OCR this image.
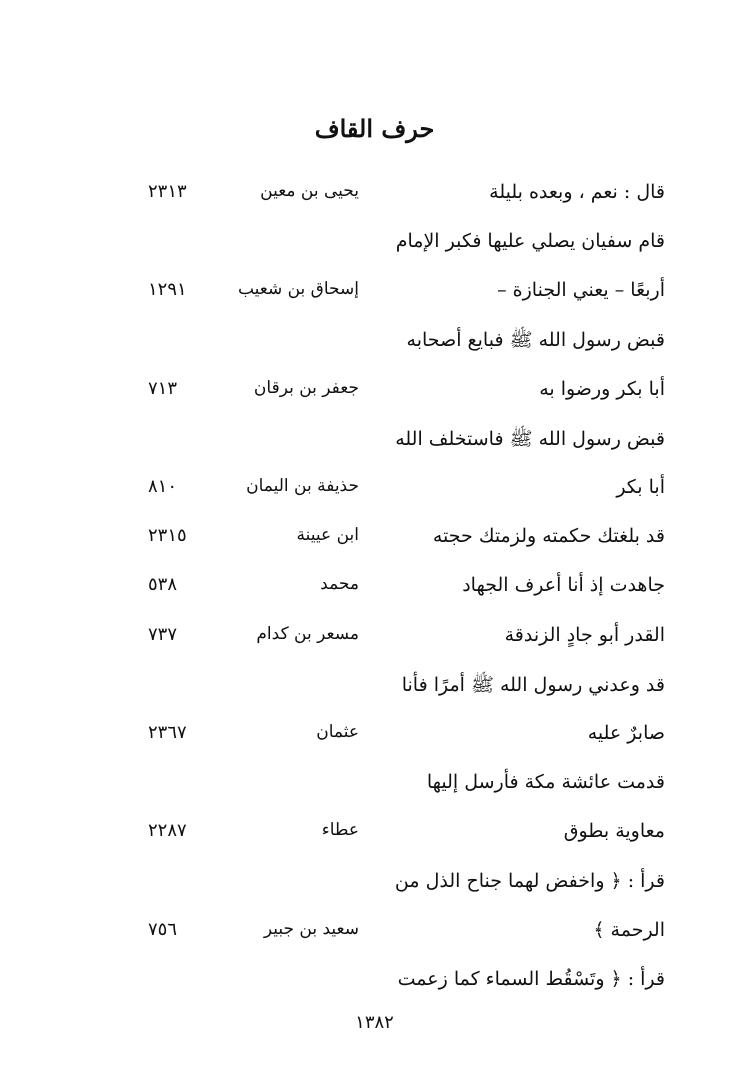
حرف القاف
قال : نعم ، وبعده بليلة
يحيى بن معين
٢٣١٣
قام سفيان يصلي عليها فكبر الإمام
أربعًا – يعني الجنازة –
إسحاق بن شعيب
١٢٩١
قبض رسول الله ﷺ فبايع أصحابه
أبا بكر ورضوا به
جعفر بن برقان
٧١٣
قبض رسول الله ﷺ فاستخلف الله
أبا بكر
حذيفة بن اليمان
٨١٠
قد بلغتك حكمته ولزمتك حجته
ابن عيينة
٢٣١٥
جاهدت إذ أنا أعرف الجهاد
محمد
٥٣٨
القدر أبو جادٍ الزندقة
مسعر بن كدام
٧٣٧
قد وعدني رسول الله ﷺ أمرًا فأنا
صابرٌ عليه
عثمان
٢٣٦٧
قدمت عائشة مكة فأرسل إليها
معاوية بطوق
عطاء
٢٢٨٧
قرأ : ﴿ واخفض لهما جناح الذل من
الرحمة ﴾
سعيد بن جبير
٧٥٦
قرأ : ﴿ وتَسْقُط السماء كما زعمت
١٣٨٢
